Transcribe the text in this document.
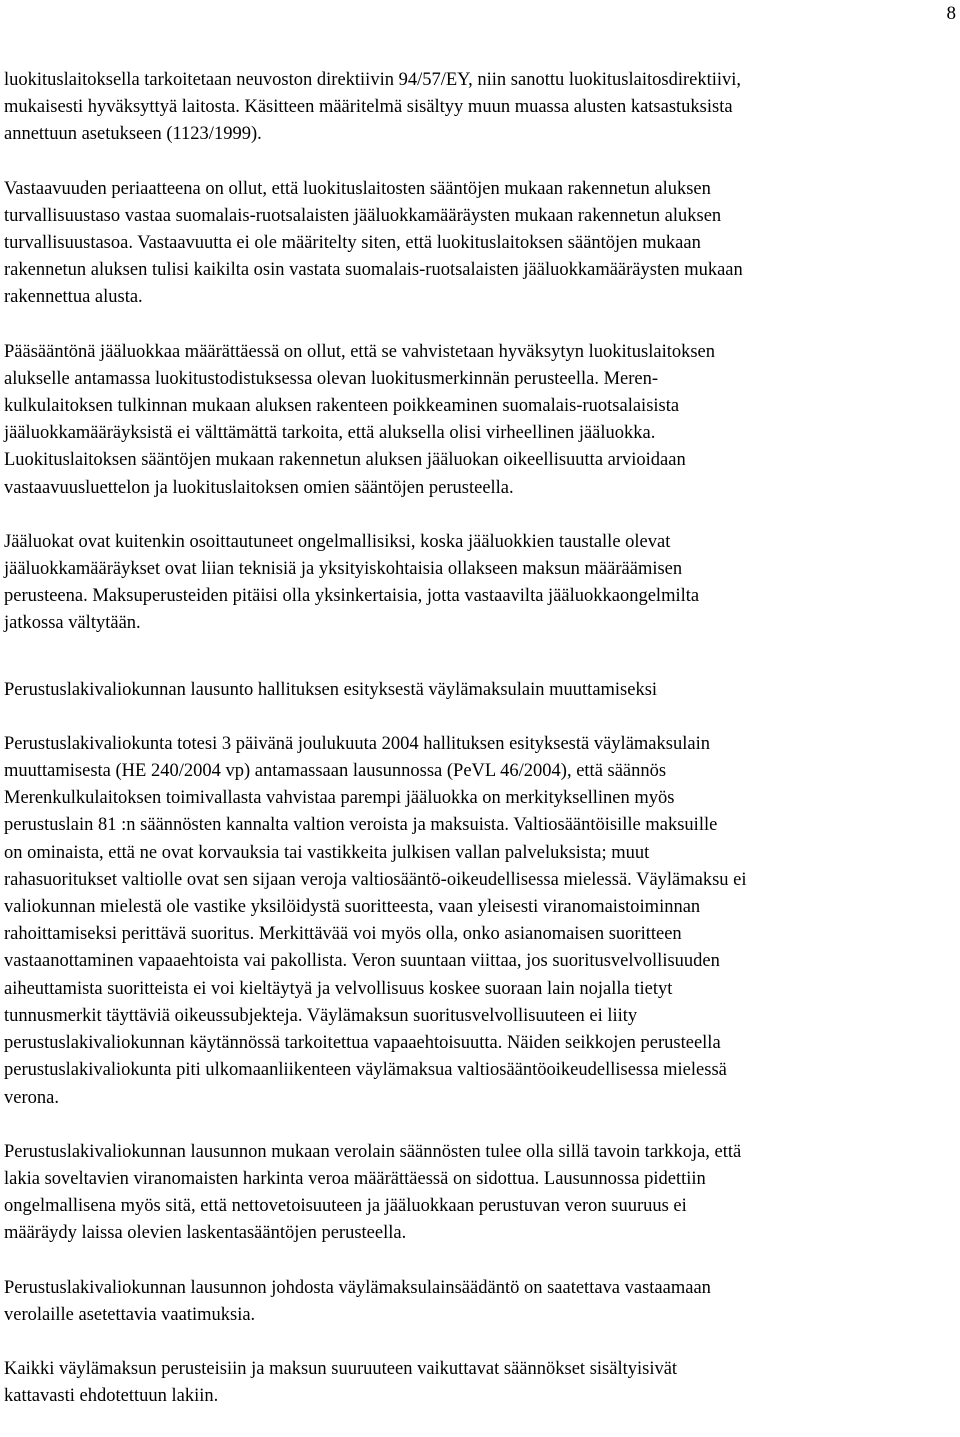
8
luokituslaitoksella tarkoitetaan neuvoston direktiivin 94/57/EY, niin sanottu luokituslaitosdirektiivi,
mukaisesti hyväksyttyä laitosta. Käsitteen määritelmä sisältyy muun muassa alusten katsastuksista
annettuun asetukseen (1123/1999).
Vastaavuuden periaatteena on ollut, että luokituslaitosten sääntöjen mukaan rakennetun aluksen
turvallisuustaso vastaa suomalais-ruotsalaisten jääluokkamääräysten mukaan rakennetun aluksen
turvallisuustasoa. Vastaavuutta ei ole määritelty siten, että luokituslaitoksen sääntöjen mukaan
rakennetun aluksen tulisi kaikilta osin vastata suomalais-ruotsalaisten jääluokkamääräysten mukaan
rakennettua alusta.
Pääsääntönä jääluokkaa määrättäessä on ollut, että se vahvistetaan hyväksytyn luokituslaitoksen
alukselle antamassa luokitustodistuksessa olevan luokitusmerkinnän perusteella. Meren-
kulkulaitoksen tulkinnan mukaan aluksen rakenteen poikkeaminen suomalais-ruotsalaisista
jääluokkamääräyksistä ei välttämättä tarkoita, että aluksella olisi virheellinen jääluokka.
Luokituslaitoksen sääntöjen mukaan rakennetun aluksen jääluokan oikeellisuutta arvioidaan
vastaavuusluettelon ja luokituslaitoksen omien sääntöjen perusteella.
Jääluokat ovat kuitenkin osoittautuneet ongelmallisiksi, koska jääluokkien taustalle olevat
jääluokkamääräykset ovat liian teknisiä ja yksityiskohtaisia ollakseen maksun määräämisen
perusteena. Maksuperusteiden pitäisi olla yksinkertaisia, jotta vastaavilta jääluokkaongelmilta
jatkossa vältytään.
Perustuslakivaliokunnan lausunto hallituksen esityksestä väylämaksulain muuttamiseksi
Perustuslakivaliokunta totesi 3 päivänä joulukuuta 2004 hallituksen esityksestä väylämaksulain
muuttamisesta (HE 240/2004 vp) antamassaan lausunnossa (PeVL 46/2004), että säännös
Merenkulkulaitoksen toimivallasta vahvistaa parempi jääluokka on merkityksellinen myös
perustuslain 81 :n säännösten kannalta valtion veroista ja maksuista. Valtiosääntöisille maksuille
on ominaista, että ne ovat korvauksia tai vastikkeita julkisen vallan palveluksista; muut
rahasuoritukset valtiolle ovat sen sijaan veroja valtiosääntö-oikeudellisessa mielessä. Väylämaksu ei
valiokunnan mielestä ole vastike yksilöidystä suoritteesta, vaan yleisesti viranomaistoiminnan
rahoittamiseksi perittävä suoritus. Merkittävää voi myös olla, onko asianomaisen suoritteen
vastaanottaminen vapaaehtoista vai pakollista. Veron suuntaan viittaa, jos suoritusvelvollisuuden
aiheuttamista suoritteista ei voi kieltäytyä ja velvollisuus koskee suoraan lain nojalla tietyt
tunnusmerkit täyttäviä oikeussubjekteja. Väylämaksun suoritusvelvollisuuteen ei liity
perustuslakivaliokunnan käytännössä tarkoitettua vapaaehtoisuutta. Näiden seikkojen perusteella
perustuslakivaliokunta piti ulkomaanliikenteen väylämaksua valtiosääntöoikeudellisessa mielessä
verona.
Perustuslakivaliokunnan lausunnon mukaan verolain säännösten tulee olla sillä tavoin tarkkoja, että
lakia soveltavien viranomaisten harkinta veroa määrättäessä on sidottua. Lausunnossa pidettiin
ongelmallisena myös sitä, että nettovetoisuuteen ja jääluokkaan perustuvan veron suuruus ei
määräydy laissa olevien laskentasääntöjen perusteella.
Perustuslakivaliokunnan lausunnon johdosta väylämaksulainsäädäntö on saatettava vastaamaan
verolaille asetettavia vaatimuksia.
Kaikki väylämaksun perusteisiin ja maksun suuruuteen vaikuttavat säännökset sisältyisivät
kattavasti ehdotettuun lakiin.
